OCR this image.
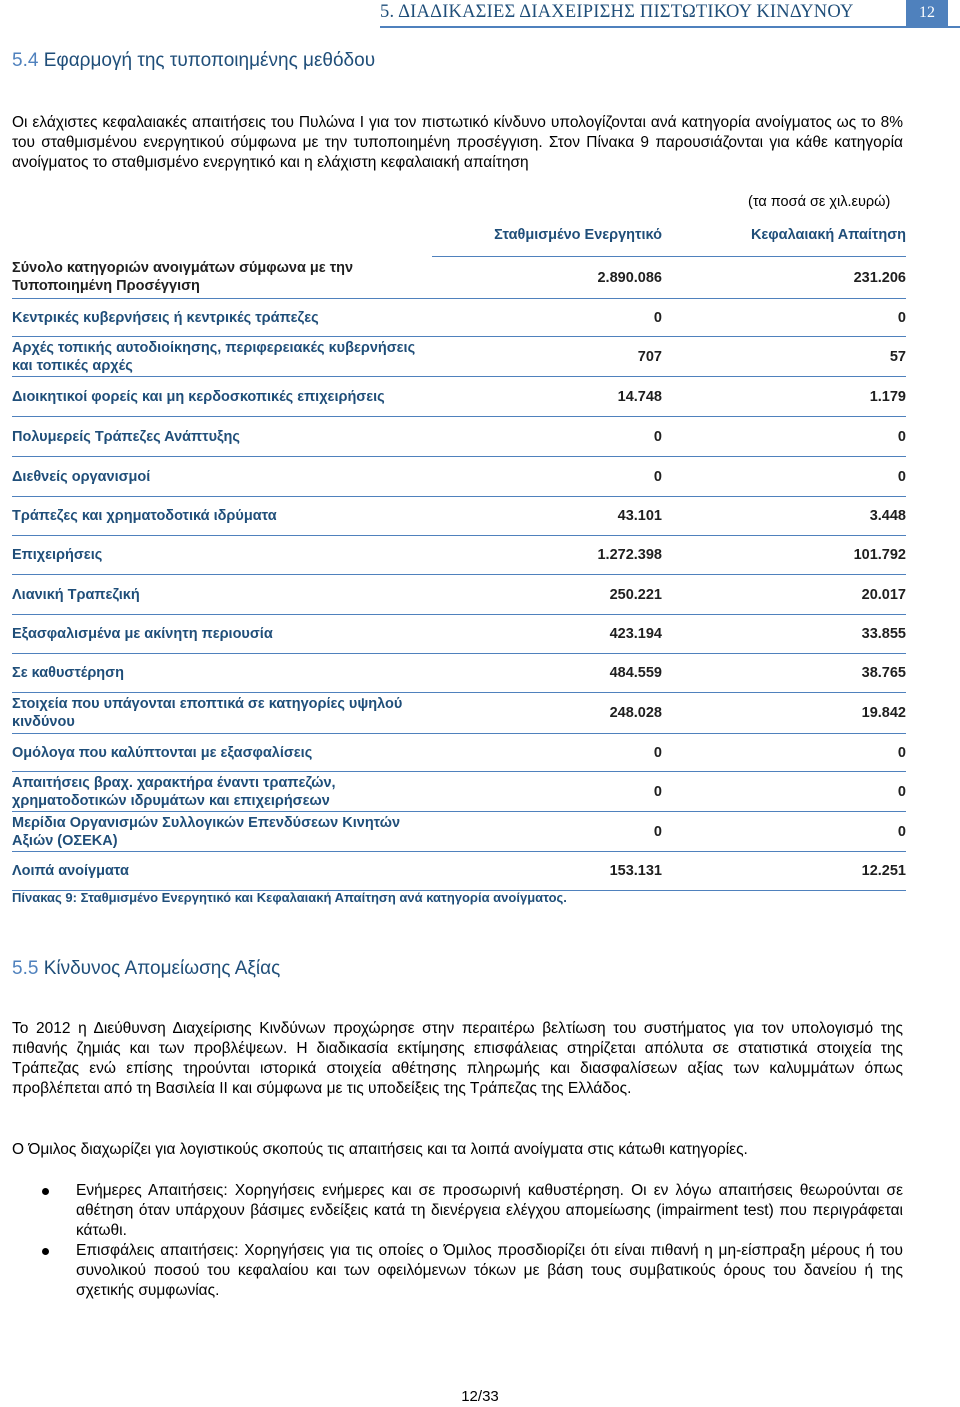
5. ΔΙΑΔΙΚΑΣΙΕΣ ΔΙΑΧΕΙΡΙΣΗΣ ΠΙΣΤΩΤΙΚΟΥ ΚΙΝΔΥΝΟΥ	12
5.4 Εφαρμογή της τυποποιημένης μεθόδου
Οι ελάχιστες κεφαλαιακές απαιτήσεις του Πυλώνα Ι για τον πιστωτικό κίνδυνο υπολογίζονται ανά κατηγορία ανοίγματος ως το 8% του σταθμισμένου ενεργητικού σύμφωνα με την τυποποιημένη προσέγγιση. Στον Πίνακα 9 παρουσιάζονται για κάθε κατηγορία ανοίγματος το σταθμισμένο ενεργητικό και η ελάχιστη κεφαλαιακή απαίτηση
(τα ποσά σε χιλ.ευρώ)
	Σταθμισμένο Ενεργητικό	Κεφαλαιακή Απαίτηση
Σύνολο κατηγοριών ανοιγμάτων σύμφωνα με την Τυποποιημένη Προσέγγιση	2.890.086	231.206
Κεντρικές κυβερνήσεις ή κεντρικές τράπεζες	0	0
Αρχές τοπικής αυτοδιοίκησης, περιφερειακές κυβερνήσεις και τοπικές αρχές	707	57
Διοικητικοί φορείς και μη κερδοσκοπικές επιχειρήσεις	14.748	1.179
Πολυμερείς Τράπεζες Ανάπτυξης	0	0
Διεθνείς οργανισμοί	0	0
Τράπεζες και χρηματοδοτικά ιδρύματα	43.101	3.448
Επιχειρήσεις	1.272.398	101.792
Λιανική Τραπεζική	250.221	20.017
Εξασφαλισμένα με ακίνητη περιουσία	423.194	33.855
Σε καθυστέρηση	484.559	38.765
Στοιχεία που υπάγονται εποπτικά σε κατηγορίες υψηλού κινδύνου	248.028	19.842
Ομόλογα που καλύπτονται με εξασφαλίσεις	0	0
Απαιτήσεις βραχ. χαρακτήρα έναντι τραπεζών, χρηματοδοτικών ιδρυμάτων και επιχειρήσεων	0	0
Μερίδια Οργανισμών Συλλογικών Επενδύσεων Κινητών Αξιών (ΟΣΕΚΑ)	0	0
Λοιπά ανοίγματα	153.131	12.251
Πίνακας 9: Σταθμισμένο Ενεργητικό και Κεφαλαιακή Απαίτηση ανά κατηγορία ανοίγματος.
5.5 Κίνδυνος Απομείωσης Αξίας
Το 2012 η Διεύθυνση Διαχείρισης Κινδύνων προχώρησε στην περαιτέρω βελτίωση του συστήματος για τον υπολογισμό της πιθανής ζημιάς και των προβλέψεων. Η διαδικασία εκτίμησης επισφάλειας στηρίζεται απόλυτα σε στατιστικά στοιχεία της Τράπεζας ενώ επίσης τηρούνται ιστορικά στοιχεία αθέτησης πληρωμής και διασφαλίσεων αξίας των καλυμμάτων όπως προβλέπεται από τη Βασιλεία ΙΙ και σύμφωνα με τις υποδείξεις της Τράπεζας της Ελλάδος.
Ο Όμιλος διαχωρίζει για λογιστικούς σκοπούς τις απαιτήσεις και τα λοιπά ανοίγματα στις κάτωθι κατηγορίες.
Ενήμερες Απαιτήσεις: Χορηγήσεις ενήμερες και σε προσωρινή καθυστέρηση. Οι εν λόγω απαιτήσεις θεωρούνται σε αθέτηση όταν υπάρχουν βάσιμες ενδείξεις κατά τη διενέργεια ελέγχου απομείωσης (impairment test) που περιγράφεται κάτωθι.
Επισφάλεις απαιτήσεις: Χορηγήσεις για τις οποίες ο Όμιλος προσδιορίζει ότι είναι πιθανή η μη-είσπραξη μέρους ή του συνολικού ποσού του κεφαλαίου και των οφειλόμενων τόκων με βάση τους συμβατικούς όρους του δανείου ή της σχετικής συμφωνίας.
12/33
